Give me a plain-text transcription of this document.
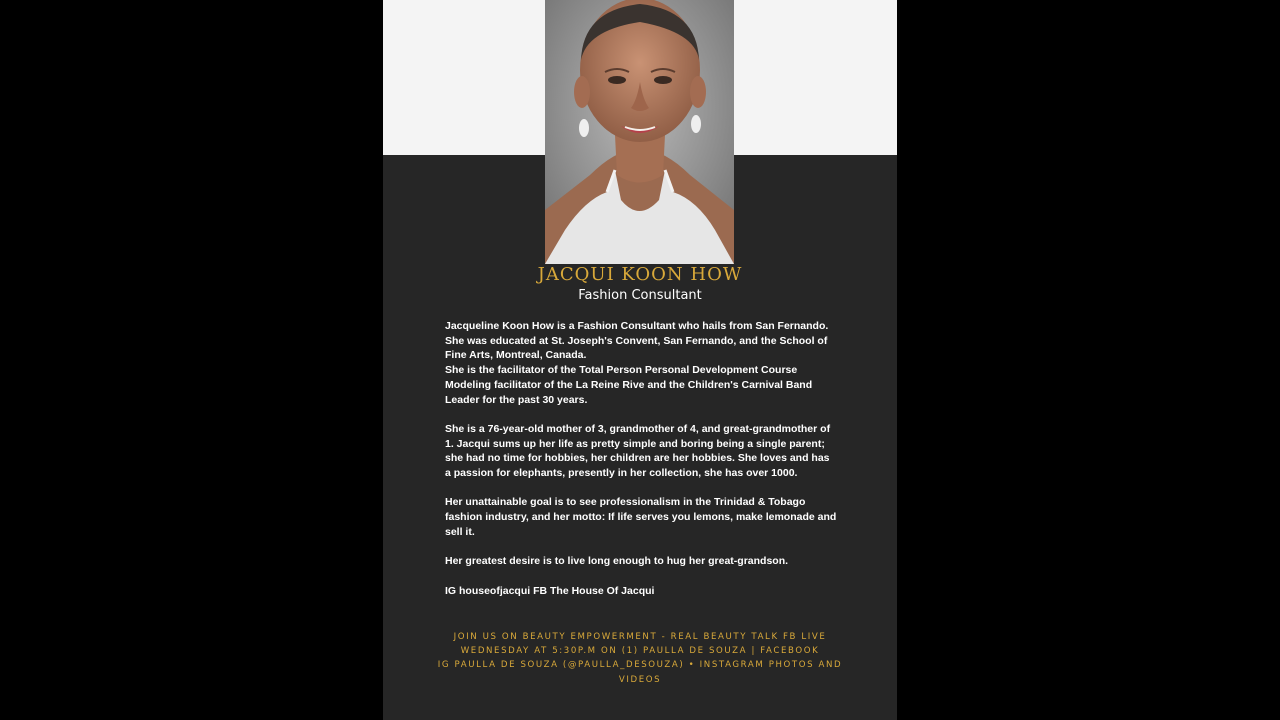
JACQUI KOON HOW
Fashion Consultant

Jacqueline Koon How is a Fashion Consultant who hails from San Fernando. She was educated at St. Joseph's Convent, San Fernando, and the School of Fine Arts, Montreal, Canada.

She is the facilitator of the Total Person Personal Development Course Modeling facilitator of the La Reine Rive and the Children's Carnival Band Leader for the past 30 years.

She is a 76-year-old mother of 3, grandmother of 4, and great-grandmother of 1. Jacqui sums up her life as pretty simple and boring being a single parent; she had no time for hobbies, her children are her hobbies. She loves and has a passion for elephants, presently in her collection, she has over 1000.

Her unattainable goal is to see professionalism in the Trinidad & Tobago fashion industry, and her motto: If life serves you lemons, make lemonade and sell it.

Her greatest desire is to live long enough to hug her great-grandson.

IG houseofjacqui FB The House Of Jacqui

JOIN US ON BEAUTY EMPOWERMENT - REAL BEAUTY TALK FB LIVE
WEDNESDAY AT 5:30P.M ON (1) PAULLA DE SOUZA | FACEBOOK
IG PAULLA DE SOUZA (@PAULLA_DESOUZA) • INSTAGRAM PHOTOS AND VIDEOS
